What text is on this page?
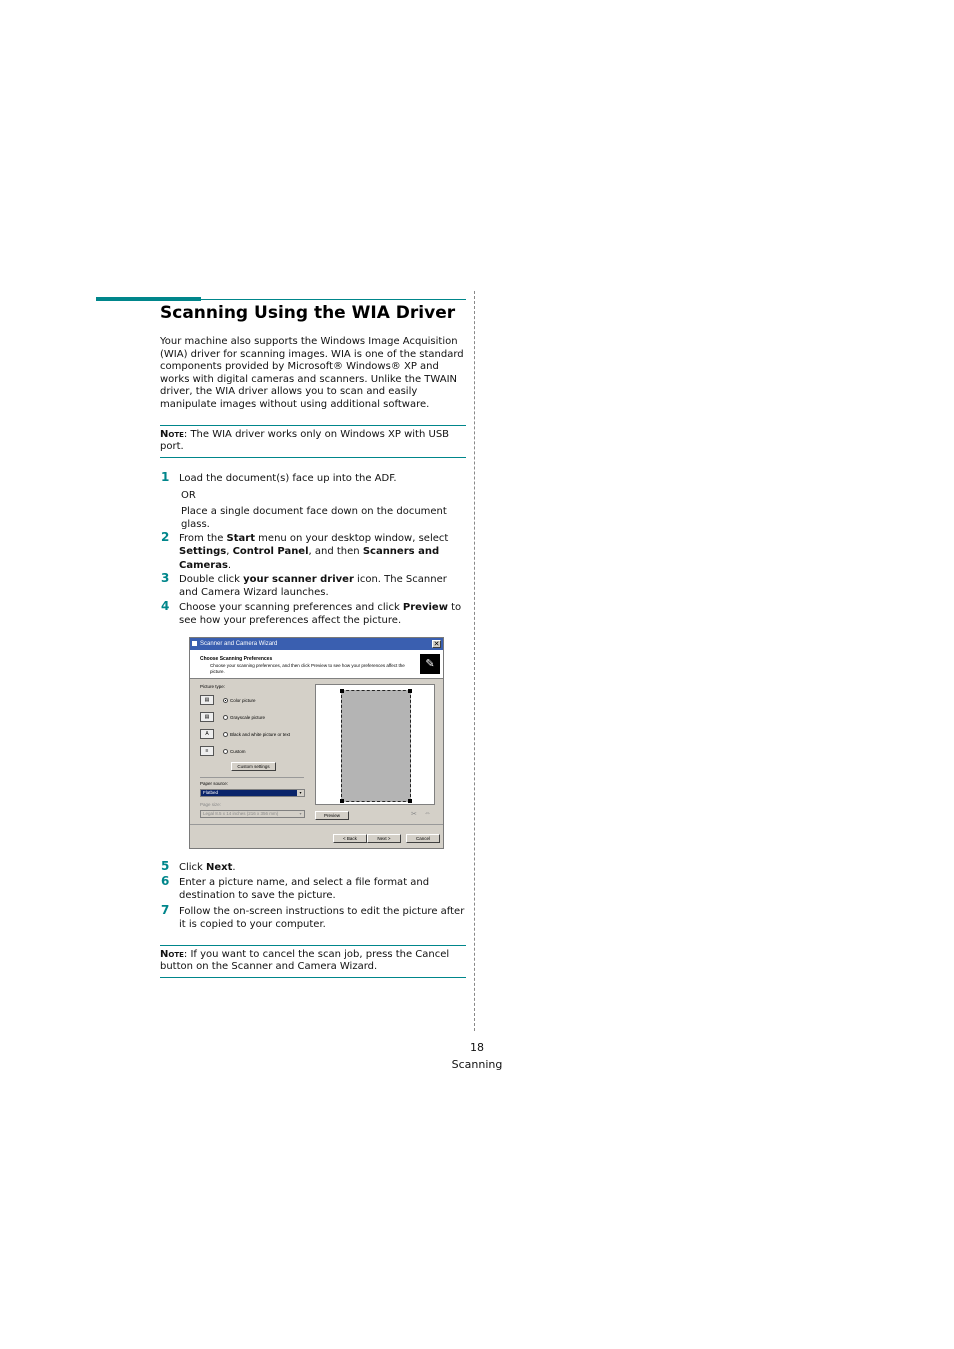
Scanning Using the WIA Driver
Your machine also supports the Windows Image Acquisition (WIA) driver for scanning images. WIA is one of the standard components provided by Microsoft® Windows® XP and works with digital cameras and scanners. Unlike the TWAIN driver, the WIA driver allows you to scan and easily manipulate images without using additional software.
Note: The WIA driver works only on Windows XP with USB port.
1 Load the document(s) face up into the ADF.
OR
Place a single document face down on the document glass.
2 From the Start menu on your desktop window, select Settings, Control Panel, and then Scanners and Cameras.
3 Double click your scanner driver icon. The Scanner and Camera Wizard launches.
4 Choose your scanning preferences and click Preview to see how your preferences affect the picture.
Scanner and Camera Wizard	✕
Choose Scanning Preferences
Choose your scanning preferences, and then click Preview to see how your preferences affect the picture.
✎
Picture type:
▤	Color picture
▤	Grayscale picture
A	Black and white picture or text
≡	Custom
Custom settings
Paper source:
Flatbed	▾
Page size:
Legal 8.5 x 14 inches (216 x 356 mm)	▾	Preview	✂ ⇔
< Back	Next >	Cancel
5 Click Next.
6 Enter a picture name, and select a file format and destination to save the picture.
7 Follow the on-screen instructions to edit the picture after it is copied to your computer.
Note: If you want to cancel the scan job, press the Cancel button on the Scanner and Camera Wizard.
18
Scanning
